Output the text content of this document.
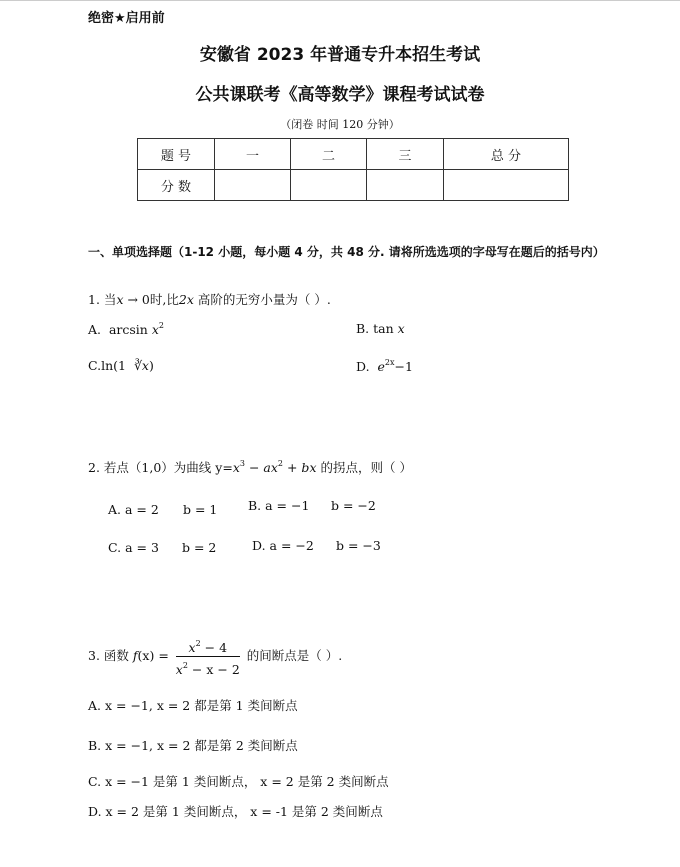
绝密★启用前
安徽省 2023 年普通专升本招生考试
公共课联考《高等数学》课程考试试卷
（闭卷 时间 120 分钟）
题 号	一	二	三	总 分
分 数				
一、单项选择题（1-12 小题，每小题 4 分，共 48 分. 请将所选选项的字母写在题后的括号内）
1. 当x → 0时,比2x 高阶的无穷小量为（ ）.
A. $\arcsin x^2$	B. tan x
C.ln(1 ∛x)	D. $e^{2x}-1$
2. 若点（1,0）为曲线 $y=x^3 - ax^2$ + bx 的拐点，则（ ）
A. a = 2 b = 1 B. a = −1 b = −2
C. a = 3 b = 2	D. a = −2 b = −3
3. 函数 $f(x) = \frac{x^2 - 4}{x^2 - x - 2}$ 的间断点是（ ）.
A. x = −1, x = 2 都是第 1 类间断点
B. x = −1, x = 2 都是第 2 类间断点
C. x = −1 是第 1 类间断点， x = 2 是第 2 类间断点
D. x = 2 是第 1 类间断点， x = -1 是第 2 类间断点
